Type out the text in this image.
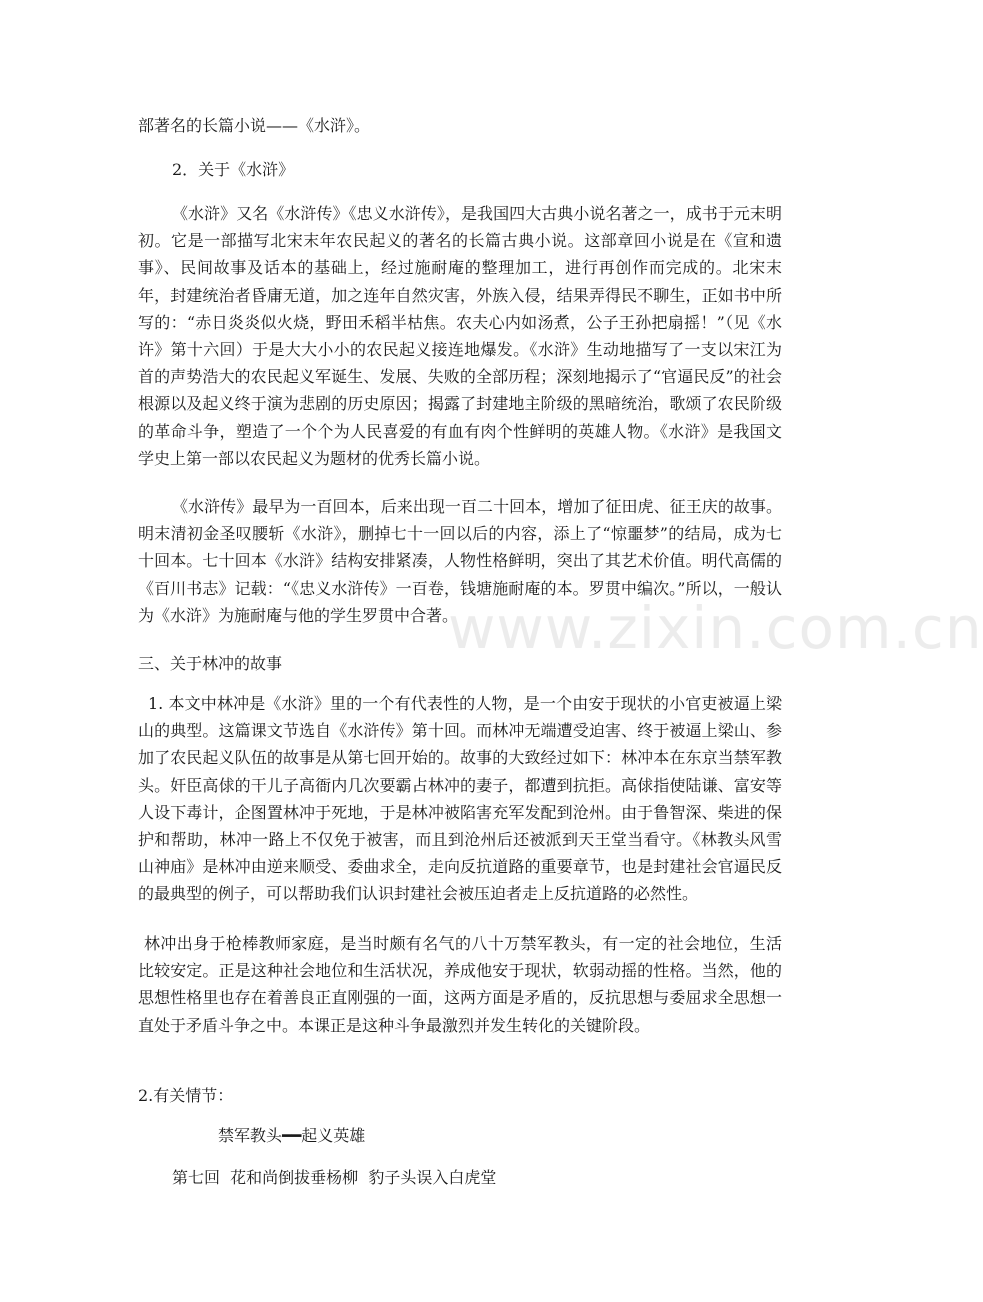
部著名的长篇小说——《水浒》。

2．关于《水浒》

《水浒》又名《水浒传》《忠义水浒传》，是我国四大古典小说名著之一，成书于元末明初。它是一部描写北宋末年农民起义的著名的长篇古典小说。这部章回小说是在《宣和遗事》、民间故事及话本的基础上，经过施耐庵的整理加工，进行再创作而完成的。北宋末年，封建统治者昏庸无道，加之连年自然灾害，外族入侵，结果弄得民不聊生，正如书中所写的：“赤日炎炎似火烧，野田禾稻半枯焦。农夫心内如汤煮，公子王孙把扇摇！”（见《水许》第十六回）于是大大小小的农民起义接连地爆发。《水浒》生动地描写了一支以宋江为首的声势浩大的农民起义军诞生、发展、失败的全部历程；深刻地揭示了“官逼民反”的社会根源以及起义终于演为悲剧的历史原因；揭露了封建地主阶级的黑暗统治，歌颂了农民阶级的革命斗争，塑造了一个个为人民喜爱的有血有肉个性鲜明的英雄人物。《水浒》是我国文学史上第一部以农民起义为题材的优秀长篇小说。

《水浒传》最早为一百回本，后来出现一百二十回本，增加了征田虎、征王庆的故事。明末清初金圣叹腰斩《水浒》，删掉七十一回以后的内容，添上了“惊噩梦”的结局，成为七十回本。七十回本《水浒》结构安排紧凑，人物性格鲜明，突出了其艺术价值。明代高儒的《百川书志》记载：“《忠义水浒传》一百卷，钱塘施耐庵的本。罗贯中编次。”所以，一般认为《水浒》为施耐庵与他的学生罗贯中合著。

三、关于林冲的故事

1. 本文中林冲是《水浒》里的一个有代表性的人物，是一个由安于现状的小官吏被逼上梁山的典型。这篇课文节选自《水浒传》第十回。而林冲无端遭受迫害、终于被逼上梁山、参加了农民起义队伍的故事是从第七回开始的。故事的大致经过如下：林冲本在东京当禁军教头。奸臣高俅的干儿子高衙内几次要霸占林冲的妻子，都遭到抗拒。高俅指使陆谦、富安等人设下毒计，企图置林冲于死地，于是林冲被陷害充军发配到沧州。由于鲁智深、柴进的保护和帮助，林冲一路上不仅免于被害，而且到沧州后还被派到天王堂当看守。《林教头风雪山神庙》是林冲由逆来顺受、委曲求全，走向反抗道路的重要章节，也是封建社会官逼民反的最典型的例子，可以帮助我们认识封建社会被压迫者走上反抗道路的必然性。

林冲出身于枪棒教师家庭，是当时颇有名气的八十万禁军教头，有一定的社会地位，生活比较安定。正是这种社会地位和生活状况，养成他安于现状，软弱动摇的性格。当然，他的思想性格里也存在着善良正直刚强的一面，这两方面是矛盾的，反抗思想与委屈求全思想一直处于矛盾斗争之中。本课正是这种斗争最激烈并发生转化的关键阶段。

2.有关情节：

禁军教头━━起义英雄

第七回  花和尚倒拔垂杨柳  豹子头误入白虎堂

www.zixin.com.cn
